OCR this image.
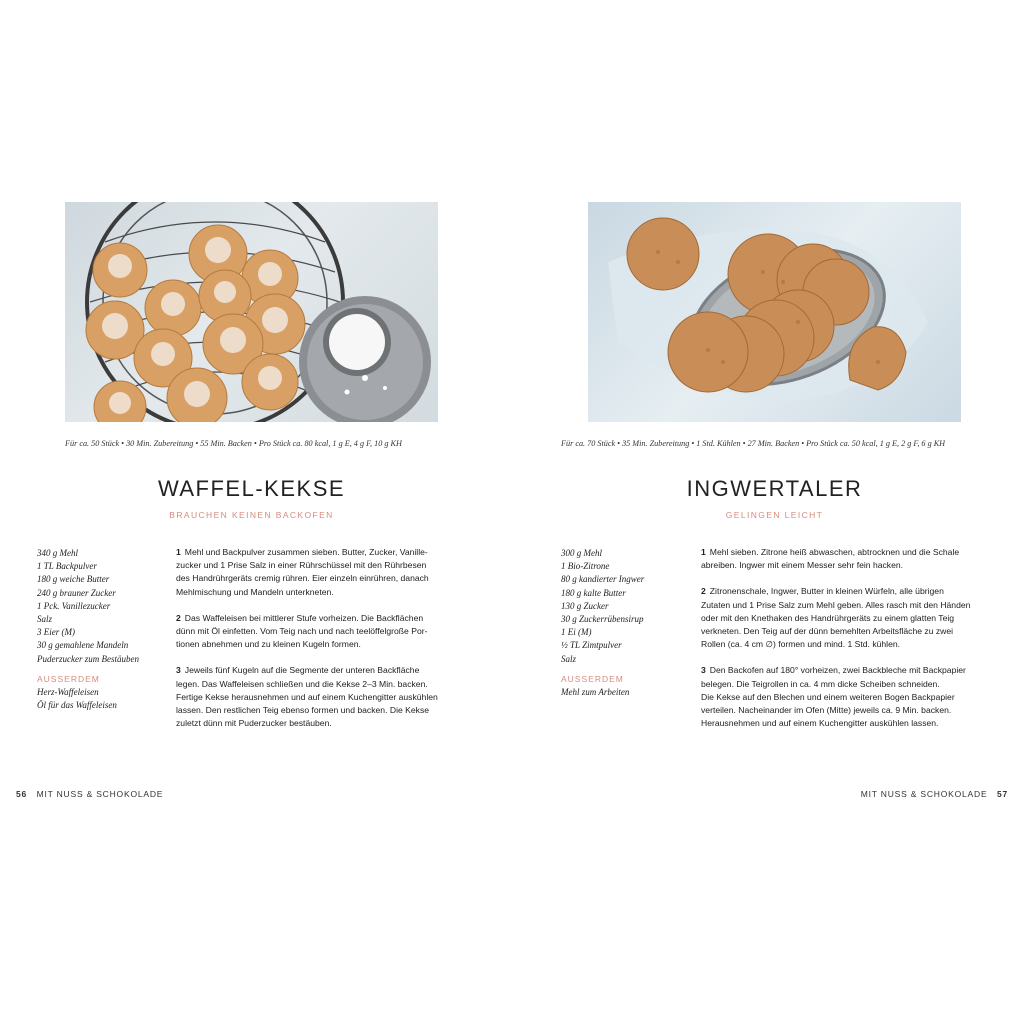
Für ca. 50 Stück • 30 Min. Zubereitung • 55 Min. Backen • Pro Stück ca. 80 kcal, 1 g E, 4 g F, 10 g KH
WAFFEL-KEKSE
BRAUCHEN KEINEN BACKOFEN
340 g Mehl
1 TL Backpulver
180 g weiche Butter
240 g brauner Zucker
1 Pck. Vanillezucker
Salz
3 Eier (M)
30 g gemahlene Mandeln
Puderzucker zum Bestäuben
AUSSERDEM
Herz-Waffeleisen
Öl für das Waffeleisen
1 Mehl und Backpulver zusammen sieben. Butter, Zucker, Vanille-
zucker und 1 Prise Salz in einer Rührschüssel mit den Rührbesen
des Handrührgeräts cremig rühren. Eier einzeln einrühren, danach
Mehlmischung und Mandeln unterkneten.
2 Das Waffeleisen bei mittlerer Stufe vorheizen. Die Backflächen
dünn mit Öl einfetten. Vom Teig nach und nach teelöffelgroße Por-
tionen abnehmen und zu kleinen Kugeln formen.
3 Jeweils fünf Kugeln auf die Segmente der unteren Backfläche
legen. Das Waffeleisen schließen und die Kekse 2–3 Min. backen.
Fertige Kekse herausnehmen und auf einem Kuchengitter auskühlen
lassen. Den restlichen Teig ebenso formen und backen. Die Kekse
zuletzt dünn mit Puderzucker bestäuben.
56 MIT NUSS & SCHOKOLADE
Für ca. 70 Stück • 35 Min. Zubereitung • 1 Std. Kühlen • 27 Min. Backen • Pro Stück ca. 50 kcal, 1 g E, 2 g F, 6 g KH
INGWERTALER
GELINGEN LEICHT
300 g Mehl
1 Bio-Zitrone
80 g kandierter Ingwer
180 g kalte Butter
130 g Zucker
30 g Zuckerrübensirup
1 Ei (M)
½ TL Zimtpulver
Salz
AUSSERDEM
Mehl zum Arbeiten
1 Mehl sieben. Zitrone heiß abwaschen, abtrocknen und die Schale
abreiben. Ingwer mit einem Messer sehr fein hacken.
2 Zitronenschale, Ingwer, Butter in kleinen Würfeln, alle übrigen
Zutaten und 1 Prise Salz zum Mehl geben. Alles rasch mit den Händen
oder mit den Knethaken des Handrührgeräts zu einem glatten Teig
verkneten. Den Teig auf der dünn bemehlten Arbeitsfläche zu zwei
Rollen (ca. 4 cm ∅) formen und mind. 1 Std. kühlen.
3 Den Backofen auf 180° vorheizen, zwei Backbleche mit Backpapier
belegen. Die Teigrollen in ca. 4 mm dicke Scheiben schneiden.
Die Kekse auf den Blechen und einem weiteren Bogen Backpapier
verteilen. Nacheinander im Ofen (Mitte) jeweils ca. 9 Min. backen.
Herausnehmen und auf einem Kuchengitter auskühlen lassen.
MIT NUSS & SCHOKOLADE 57
